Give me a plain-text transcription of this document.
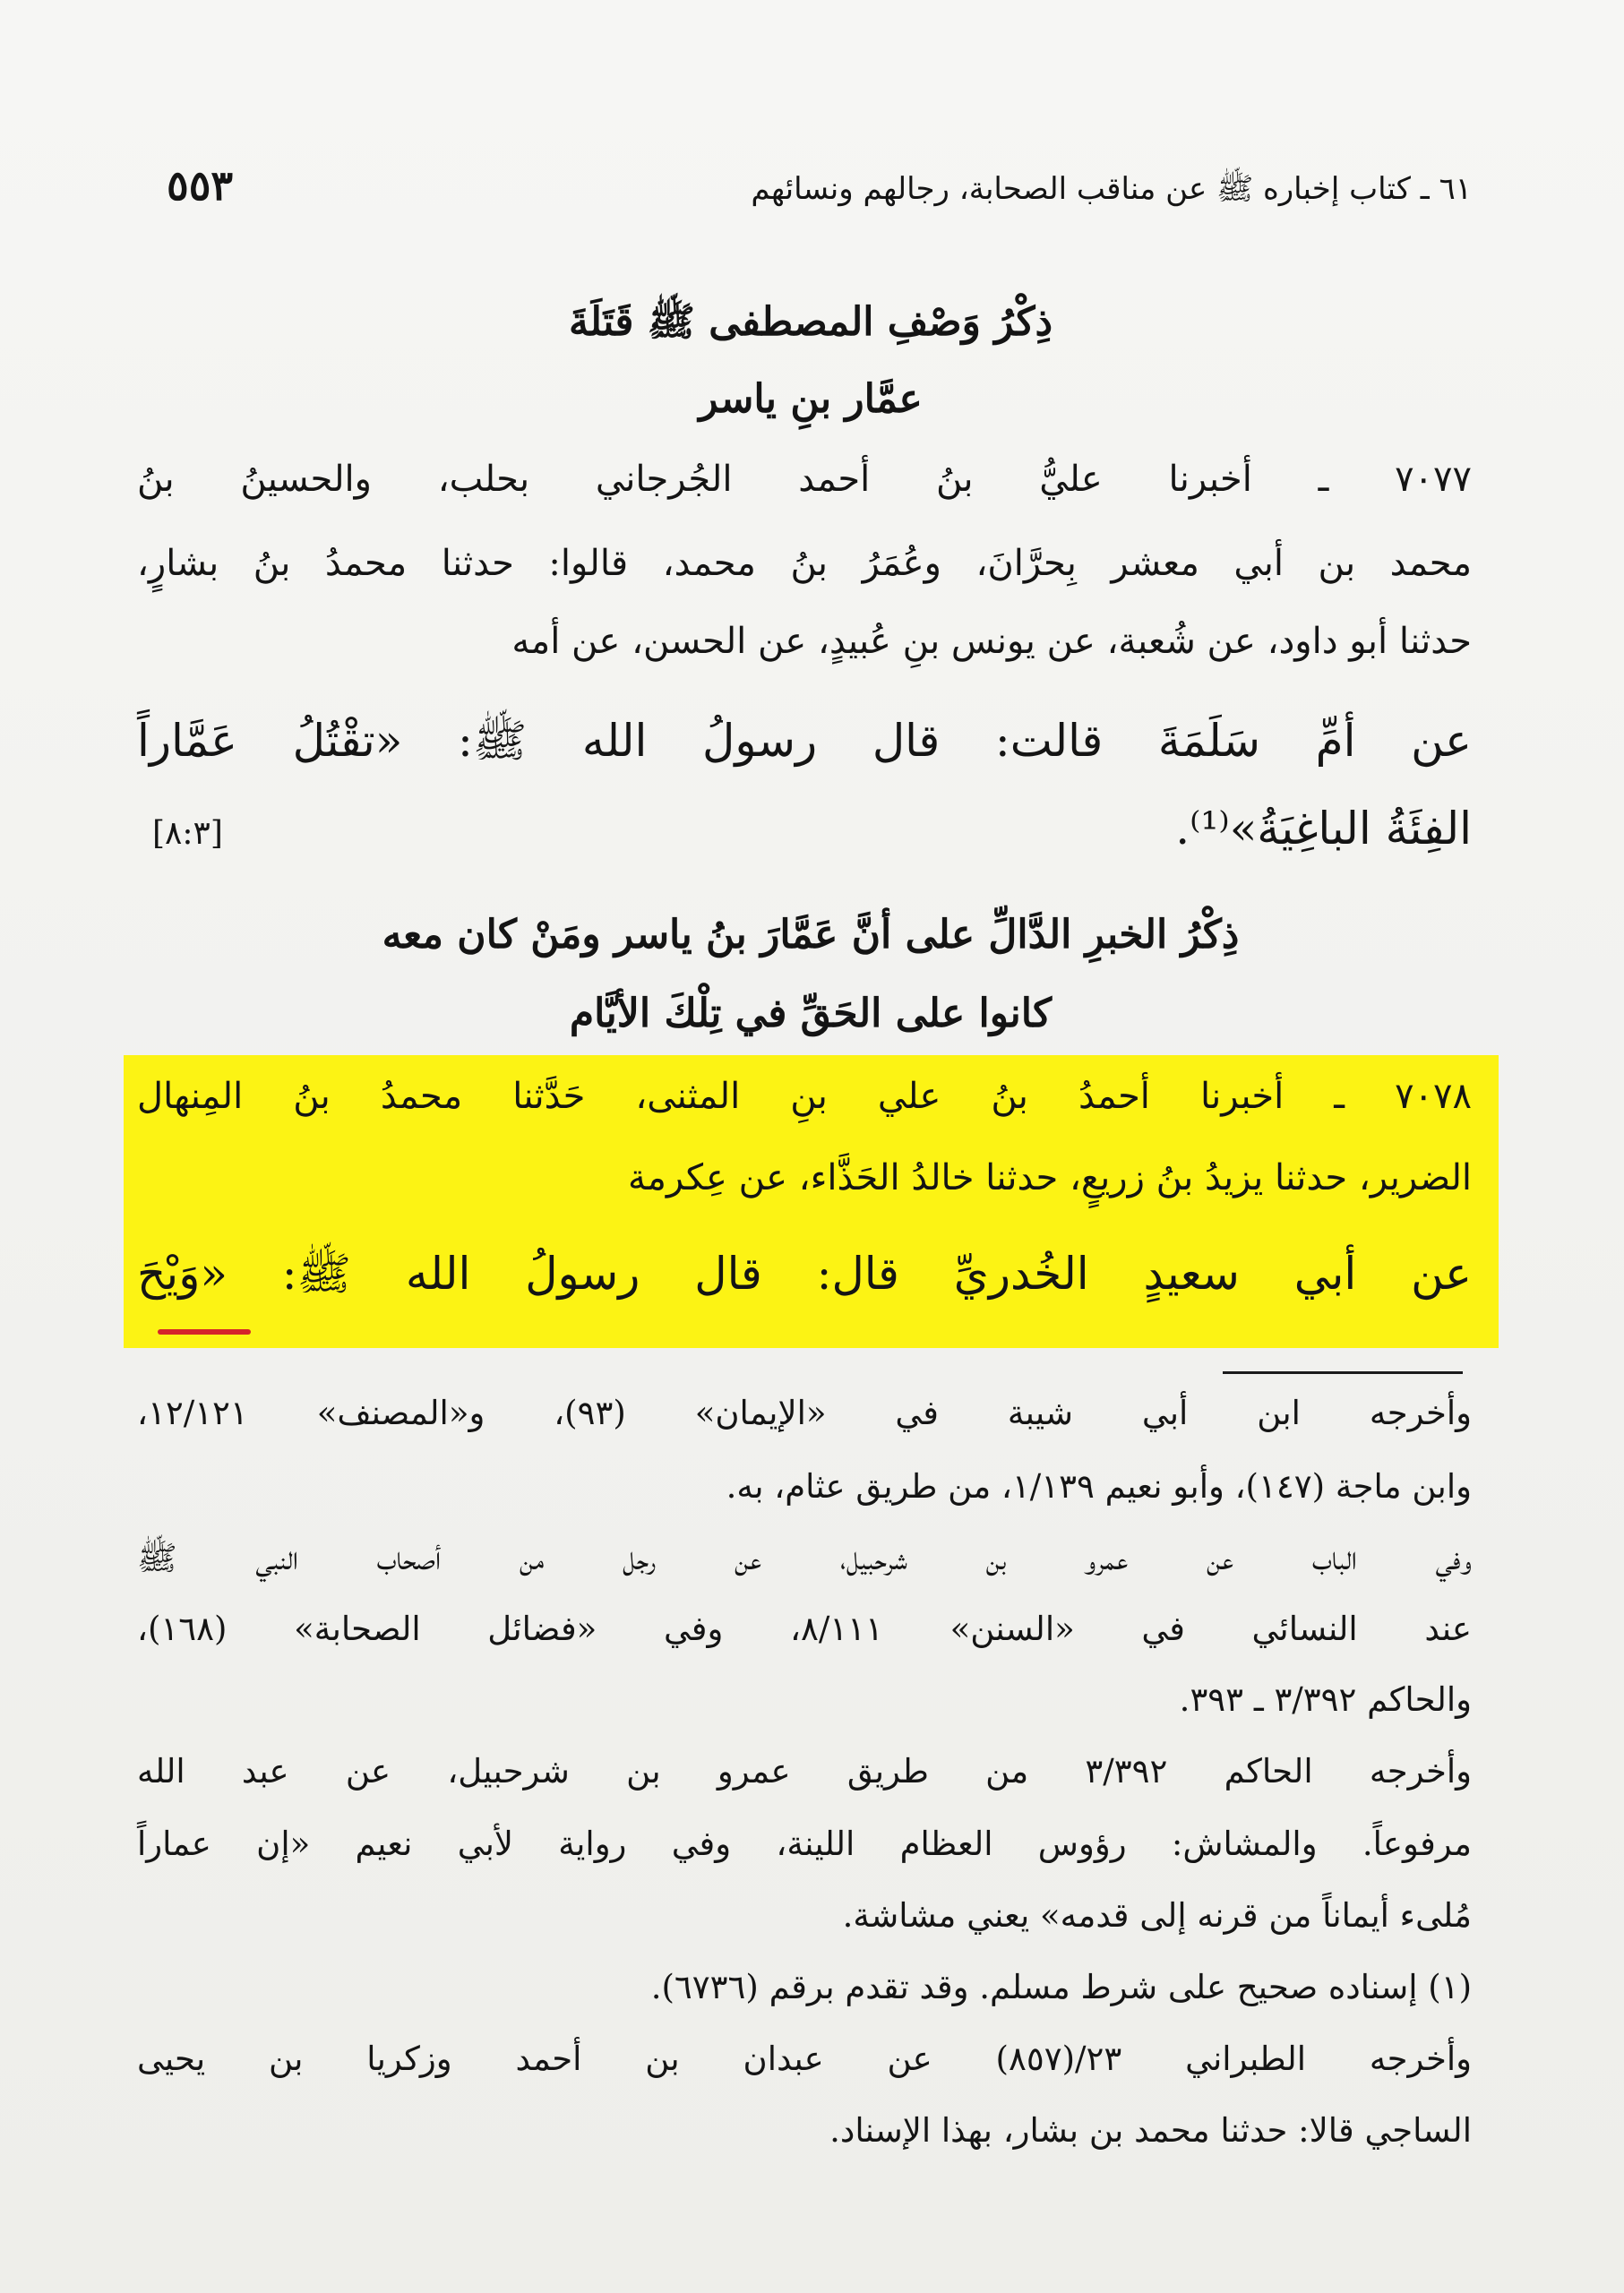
٦١ ـ كتاب إخباره ﷺ عن مناقب الصحابة، رجالهم ونسائهم
٥٥٣
ذِكْرُ وَصْفِ المصطفى ﷺ قَتَلَةَ
عمَّار بنِ ياسر
٧٠٧٧ ـ أخبرنا عليُّ بنُ أحمد الجُرجاني بحلب، والحسينُ بنُ
محمد بن أبي معشر بِحرَّانَ، وعُمَرُ بنُ محمد، قالوا: حدثنا محمدُ بنُ بشارٍ،
حدثنا أبو داود، عن شُعبة، عن يونس بنِ عُبيدٍ، عن الحسن، عن أمه
عن أمِّ سَلَمَةَ قالت: قال رسولُ الله ﷺ: «تقْتُلُ عَمَّاراً
الفِئَةُ الباغِيَةُ»⁽¹⁾.
[٨:٣]
ذِكْرُ الخبرِ الدَّالِّ على أنَّ عَمَّارَ بنُ ياسر ومَنْ كان معه
كانوا على الحَقِّ في تِلْكَ الأيَّام
٧٠٧٨ ـ أخبرنا أحمدُ بنُ علي بنِ المثنى، حَدَّثنا محمدُ بنُ المِنهال
الضرير، حدثنا يزيدُ بنُ زريعٍ، حدثنا خالدُ الحَذَّاء، عن عِكرمة
عن أبي سعيدٍ الخُدريِّ قال: قال رسولُ الله ﷺ: «وَيْحَ
وأخرجه ابن أبي شيبة في «الإيمان» (٩٣)، و«المصنف» ١٢/١٢١،
وابن ماجة (١٤٧)، وأبو نعيم ١/١٣٩، من طريق عثام، به.
وفي الباب عن عمرو بن شرحبيل، عن رجل من أصحاب النبي ﷺ
عند النسائي في «السنن» ٨/١١١، وفي «فضائل الصحابة» (١٦٨)،
والحاكم ٣/٣٩٢ ـ ٣٩٣.
وأخرجه الحاكم ٣/٣٩٢ من طريق عمرو بن شرحبيل، عن عبد الله
مرفوعاً. والمشاش: رؤوس العظام اللينة، وفي رواية لأبي نعيم «إن عماراً
مُلىء أيماناً من قرنه إلى قدمه» يعني مشاشة.
(١) إسناده صحيح على شرط مسلم. وقد تقدم برقم (٦٧٣٦).
وأخرجه الطبراني ٢٣/(٨٥٧) عن عبدان بن أحمد وزكريا بن يحيى
الساجي قالا: حدثنا محمد بن بشار، بهذا الإسناد.
